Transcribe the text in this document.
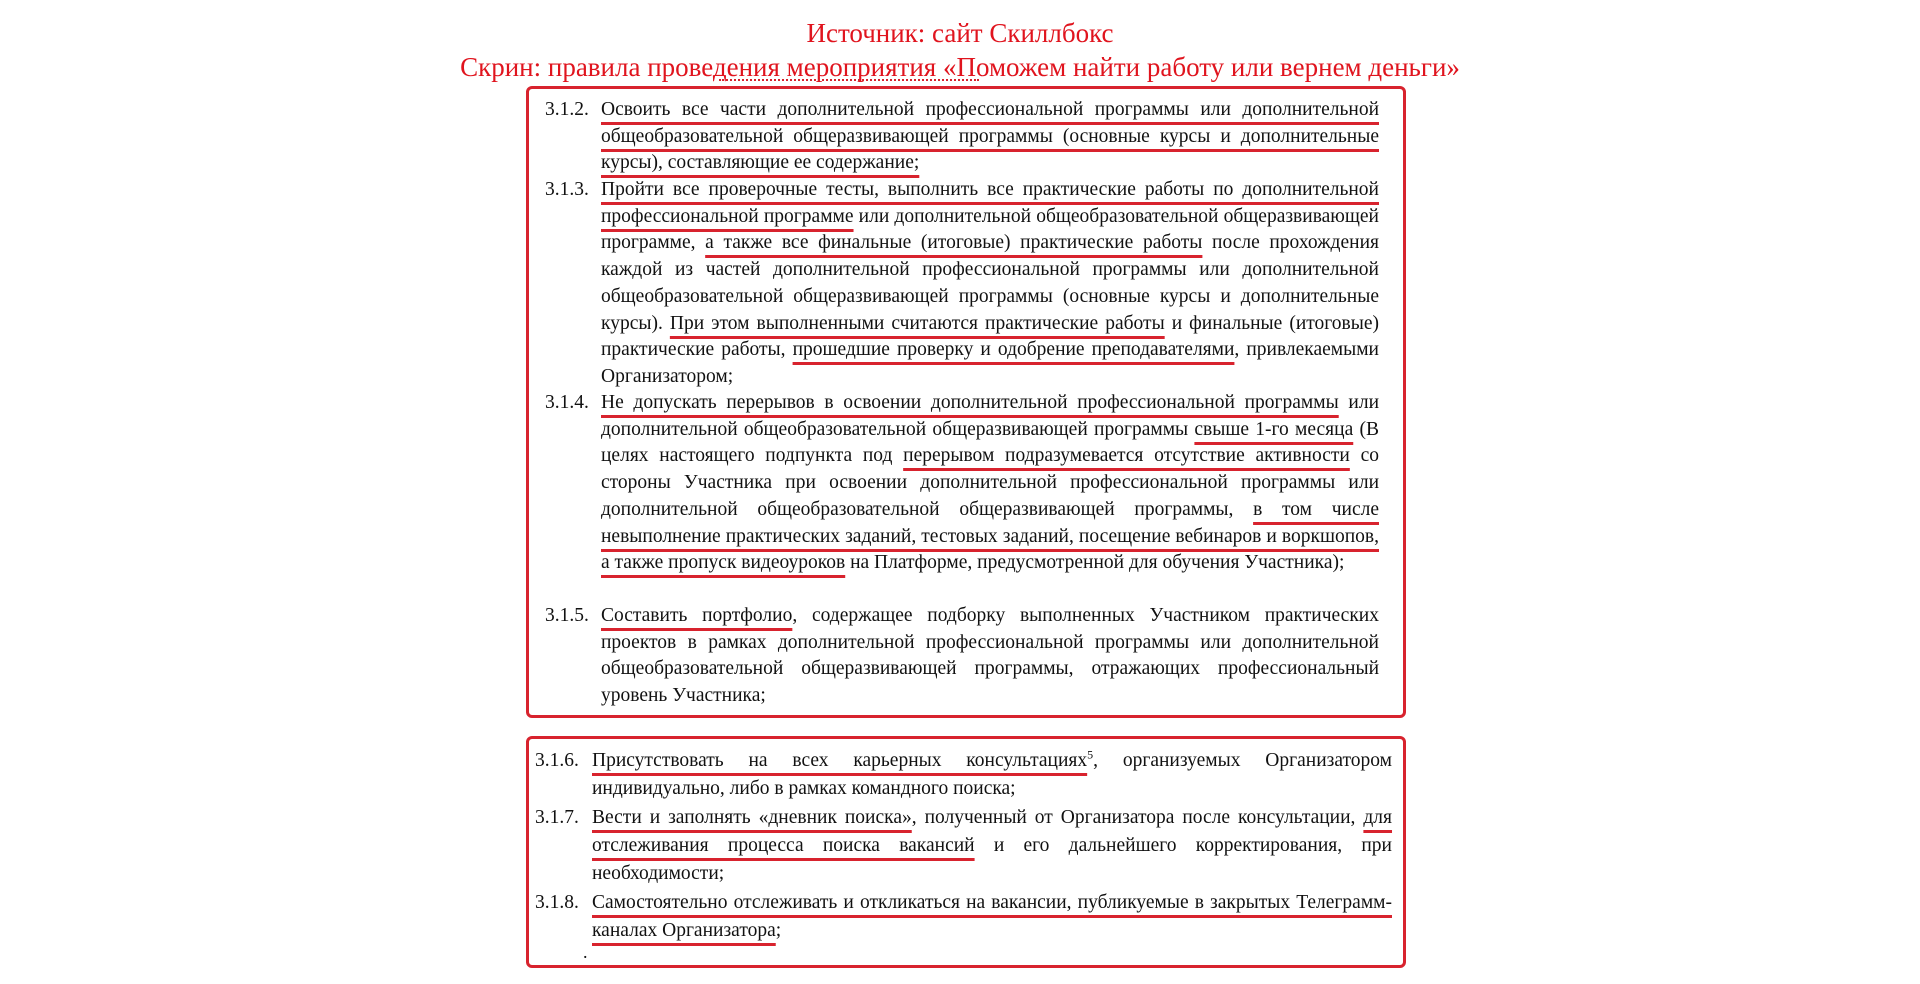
Источник: сайт Скиллбокс
Скрин: правила проведения мероприятия «Поможем найти работу или вернем деньги»
3.1.2. Освоить все части дополнительной профессиональной программы или дополнительной общеобразовательной общеразвивающей программы (основные курсы и дополнительные курсы), составляющие ее содержание;
3.1.3. Пройти все проверочные тесты, выполнить все практические работы по дополнительной профессиональной программе или дополнительной общеобразовательной общеразвивающей программе, а также все финальные (итоговые) практические работы после прохождения каждой из частей дополнительной профессиональной программы или дополнительной общеобразовательной общеразвивающей программы (основные курсы и дополнительные курсы). При этом выполненными считаются практические работы и финальные (итоговые) практические работы, прошедшие проверку и одобрение преподавателями, привлекаемыми Организатором;
3.1.4. Не допускать перерывов в освоении дополнительной профессиональной программы или дополнительной общеобразовательной общеразвивающей программы свыше 1-го месяца (В целях настоящего подпункта под перерывом подразумевается отсутствие активности со стороны Участника при освоении дополнительной профессиональной программы или дополнительной общеобразовательной общеразвивающей программы, в том числе невыполнение практических заданий, тестовых заданий, посещение вебинаров и воркшопов, а также пропуск видеоуроков на Платформе, предусмотренной для обучения Участника);
3.1.5. Составить портфолио, содержащее подборку выполненных Участником практических проектов в рамках дополнительной профессиональной программы или дополнительной общеобразовательной общеразвивающей программы, отражающих профессиональный уровень Участника;
3.1.6. Присутствовать на всех карьерных консультациях$^5$, организуемых Организатором индивидуально, либо в рамках командного поиска;
3.1.7. Вести и заполнять «дневник поиска», полученный от Организатора после консультации, для отслеживания процесса поиска вакансий и его дальнейшего корректирования, при необходимости;
3.1.8. Самостоятельно отслеживать и откликаться на вакансии, публикуемые в закрытых Телеграмм-каналах Организатора;
.
